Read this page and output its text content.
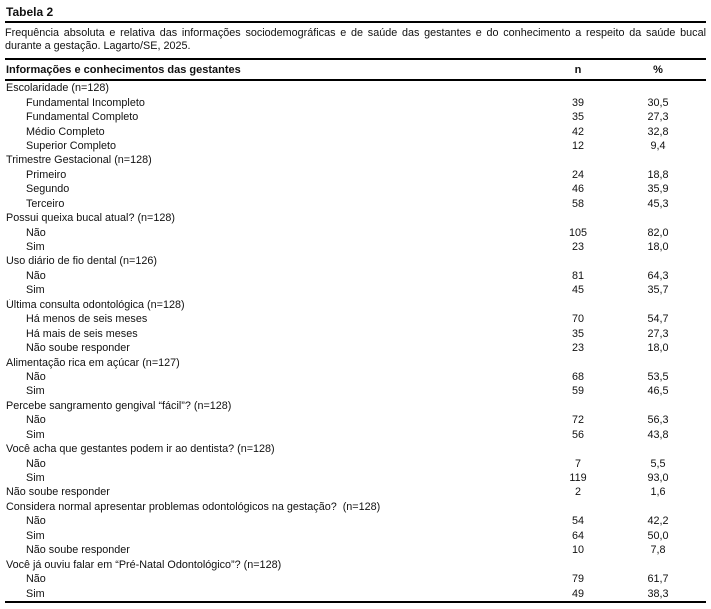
Tabela 2
Frequência absoluta e relativa das informações sociodemográficas e de saúde das gestantes e do conhecimento a respeito da saúde bucal durante a gestação. Lagarto/SE, 2025.
Informações e conhecimentos das gestantes	n	%
Escolaridade (n=128)
Fundamental Incompleto	39	30,5
Fundamental Completo	35	27,3
Médio Completo	42	32,8
Superior Completo	12	9,4
Trimestre Gestacional (n=128)
Primeiro	24	18,8
Segundo	46	35,9
Terceiro	58	45,3
Possui queixa bucal atual? (n=128)
Não	105	82,0
Sim	23	18,0
Uso diário de fio dental (n=126)
Não	81	64,3
Sim	45	35,7
Última consulta odontológica (n=128)
Há menos de seis meses	70	54,7
Há mais de seis meses	35	27,3
Não soube responder	23	18,0
Alimentação rica em açúcar (n=127)
Não	68	53,5
Sim	59	46,5
Percebe sangramento gengival “fácil”? (n=128)
Não	72	56,3
Sim	56	43,8
Você acha que gestantes podem ir ao dentista? (n=128)
Não	7	5,5
Sim	119	93,0
Não soube responder	2	1,6
Considera normal apresentar problemas odontológicos na gestação?  (n=128)
Não	54	42,2
Sim	64	50,0
Não soube responder	10	7,8
Você já ouviu falar em “Pré-Natal Odontológico”? (n=128)
Não	79	61,7
Sim	49	38,3
